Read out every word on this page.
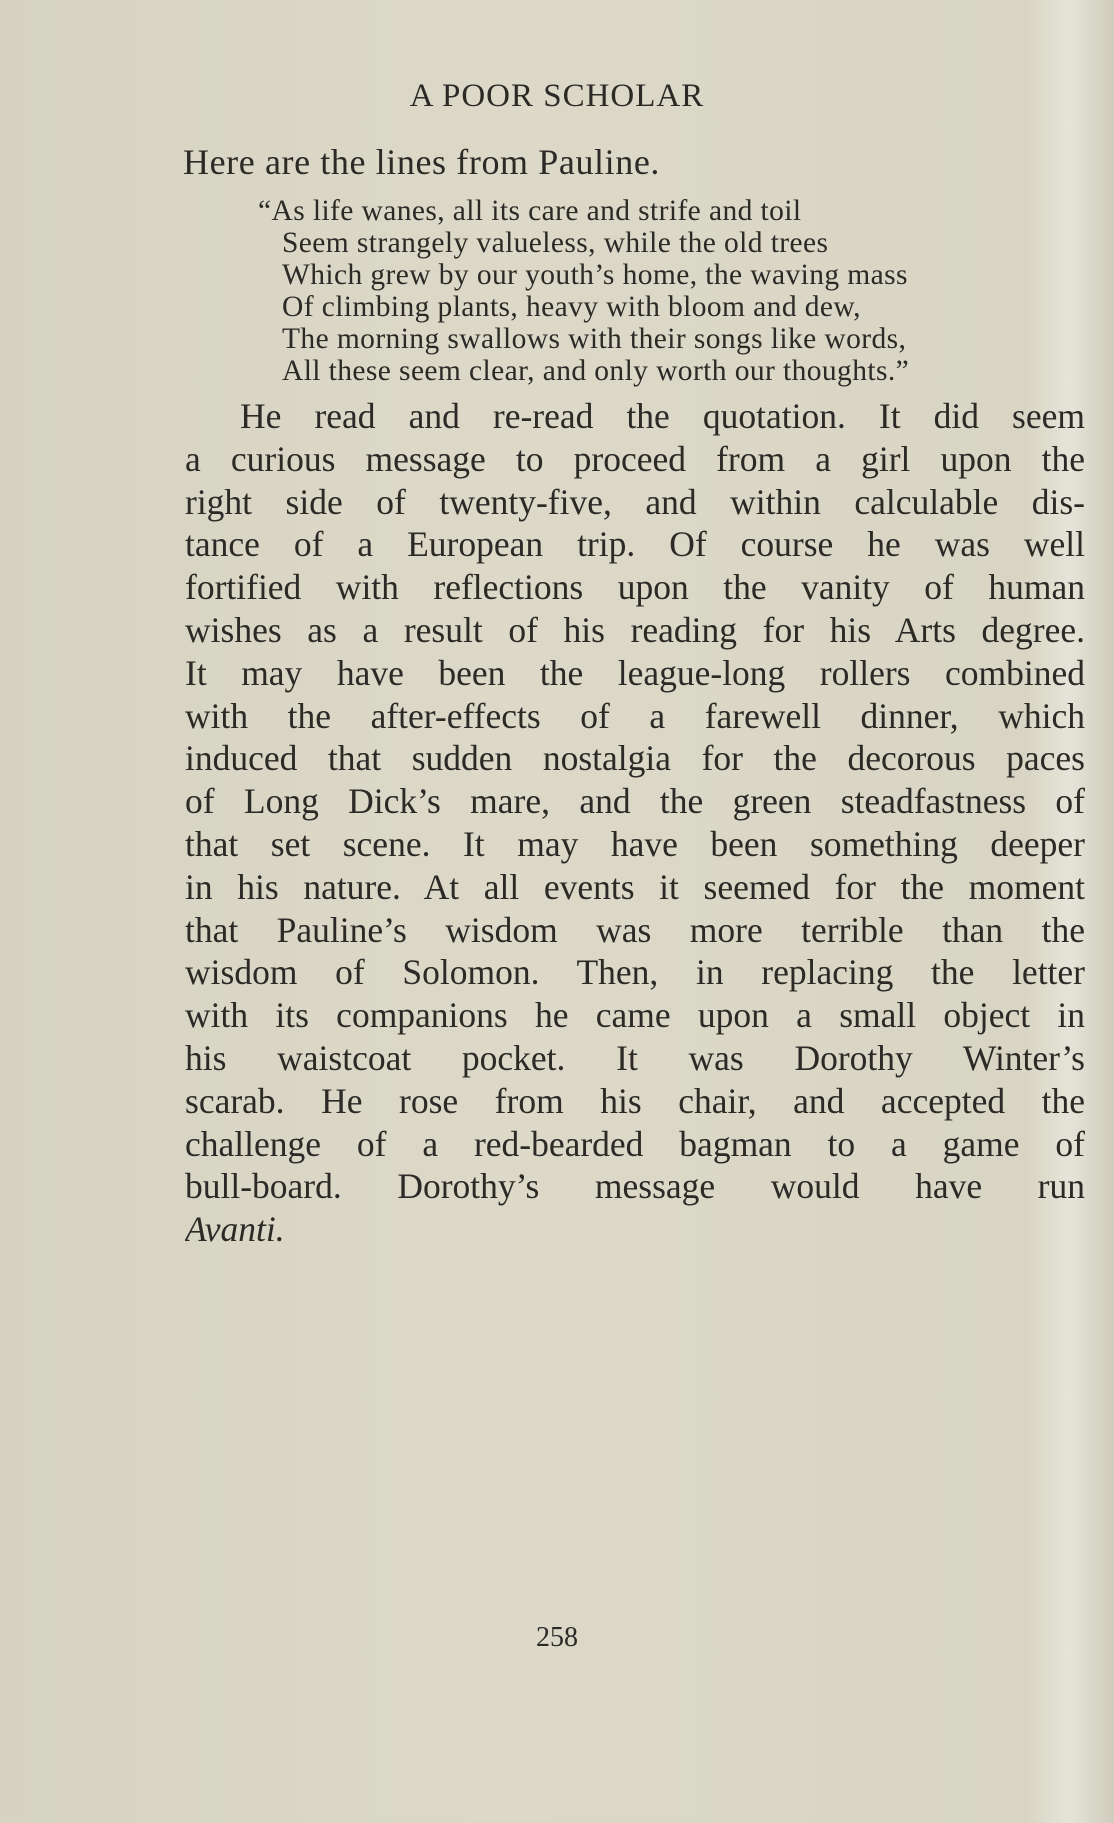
A POOR SCHOLAR
Here are the lines from Pauline.
“As life wanes, all its care and strife and toil
Seem strangely valueless, while the old trees
Which grew by our youth’s home, the waving mass
Of climbing plants, heavy with bloom and dew,
The morning swallows with their songs like words,
All these seem clear, and only worth our thoughts.”
He read and re-read the quotation. It did seem
a curious message to proceed from a girl upon the
right side of twenty-five, and within calculable dis-
tance of a European trip. Of course he was well
fortified with reflections upon the vanity of human
wishes as a result of his reading for his Arts degree.
It may have been the league-long rollers combined
with the after-effects of a farewell dinner, which
induced that sudden nostalgia for the decorous paces
of Long Dick’s mare, and the green steadfastness of
that set scene. It may have been something deeper
in his nature. At all events it seemed for the moment
that Pauline’s wisdom was more terrible than the
wisdom of Solomon. Then, in replacing the letter
with its companions he came upon a small object in
his waistcoat pocket. It was Dorothy Winter’s
scarab. He rose from his chair, and accepted the
challenge of a red-bearded bagman to a game of
bull-board. Dorothy’s message would have run
Avanti.
258
